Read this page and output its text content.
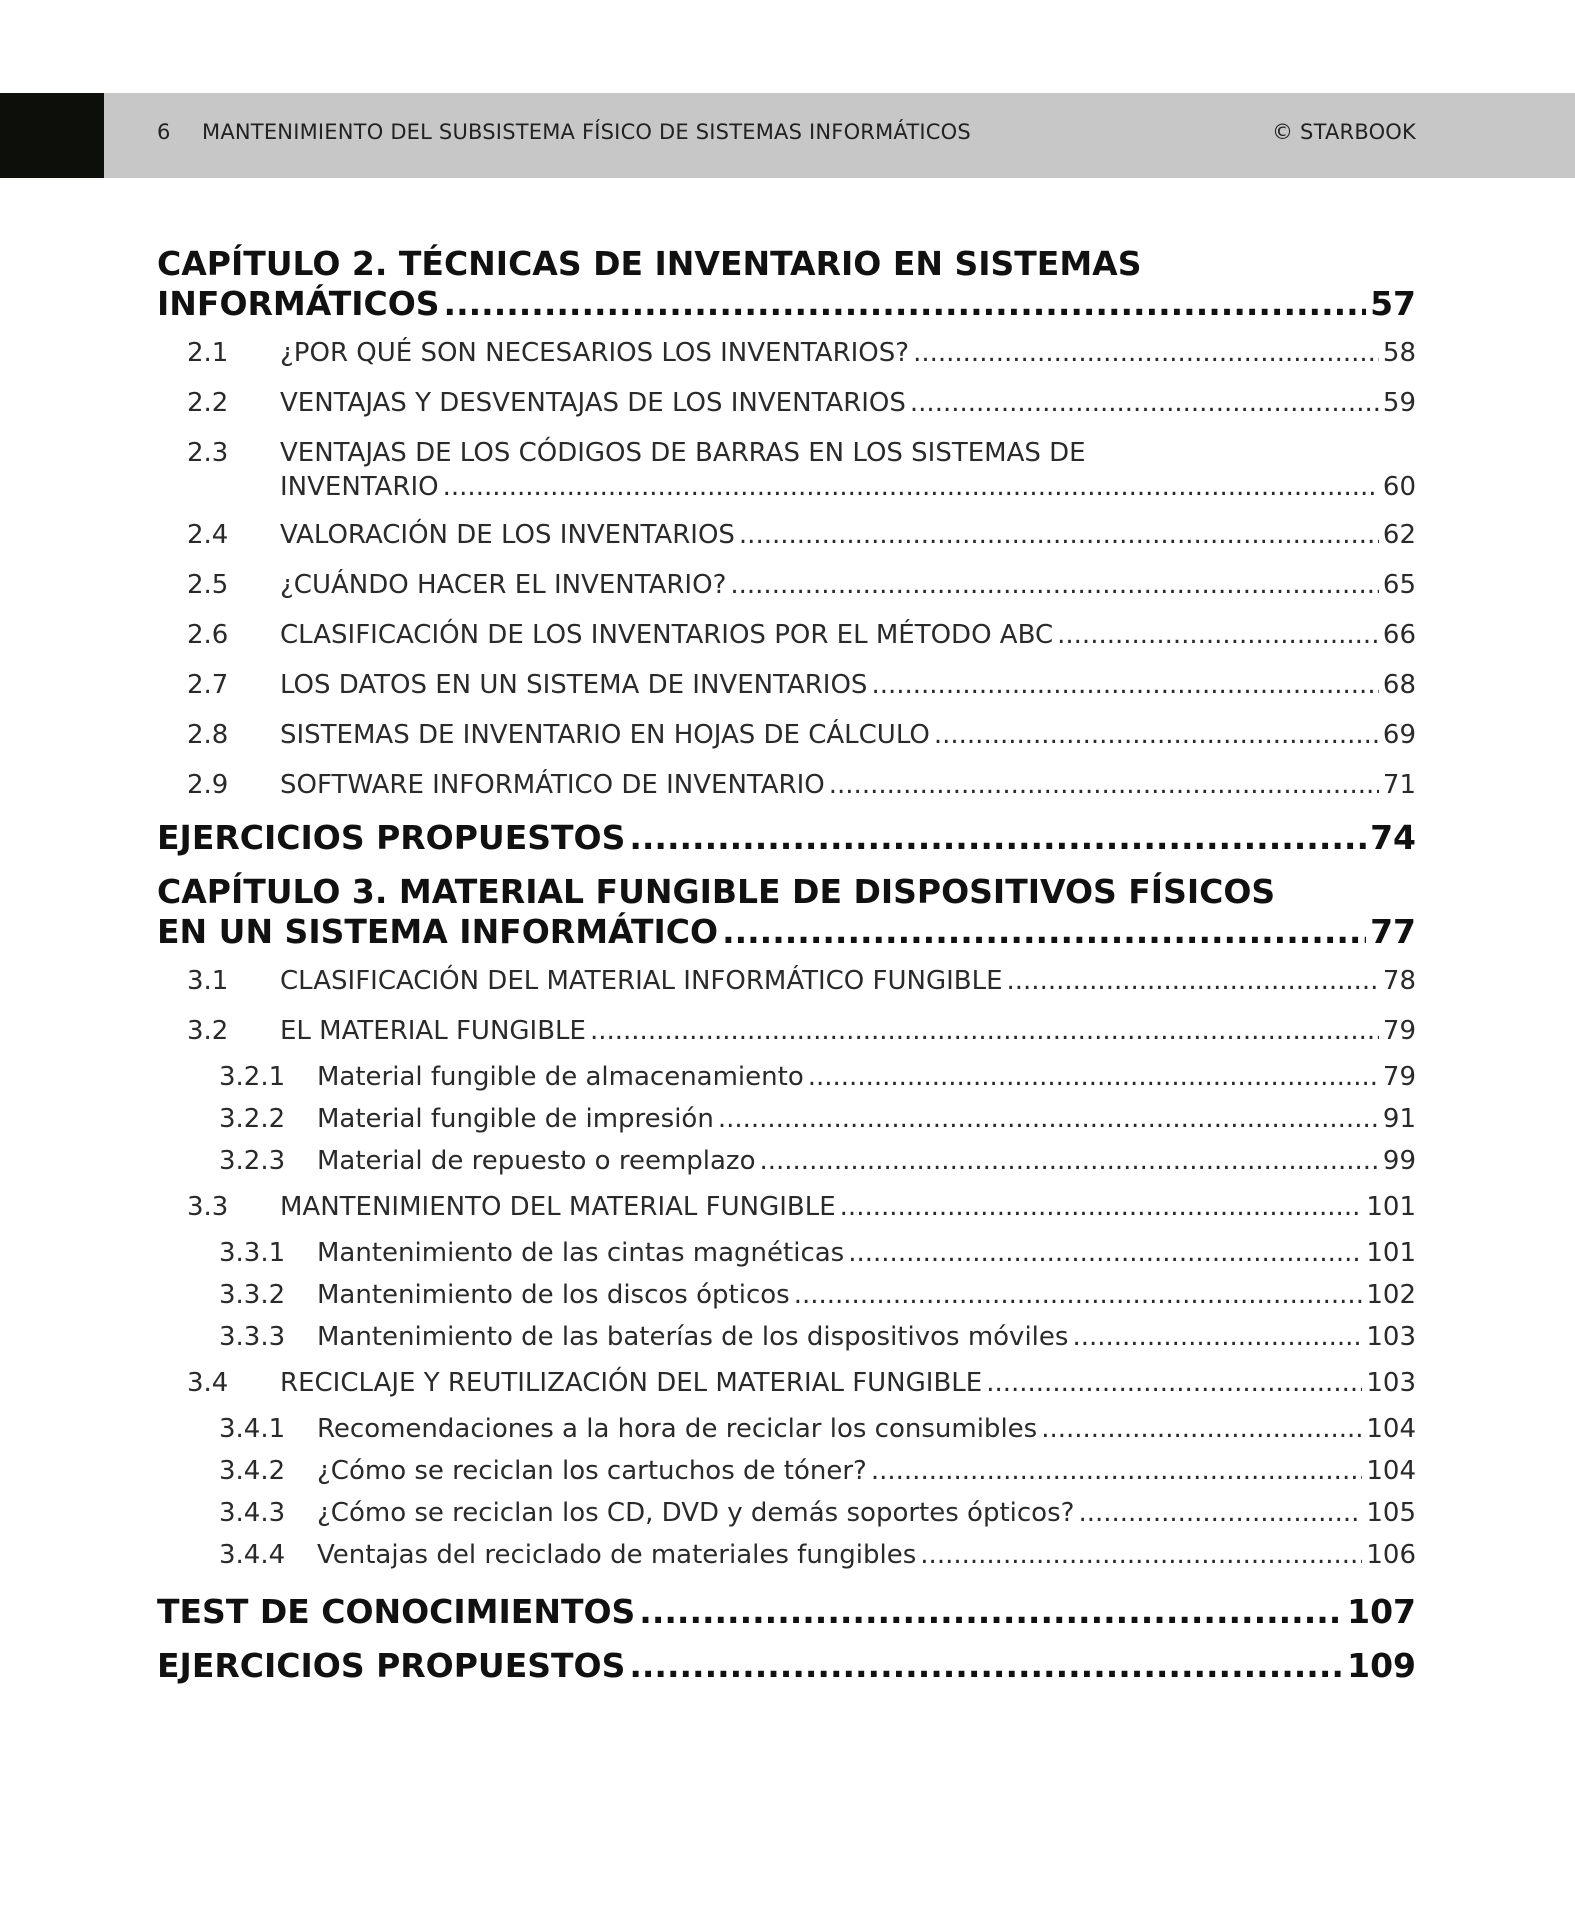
6 MANTENIMIENTO DEL SUBSISTEMA FÍSICO DE SISTEMAS INFORMÁTICOS	© STARBOOK
CAPÍTULO 2. TÉCNICAS DE INVENTARIO EN SISTEMAS
INFORMÁTICOS .....	57
2.1	¿POR QUÉ SON NECESARIOS LOS INVENTARIOS? .....	58
2.2	VENTAJAS Y DESVENTAJAS DE LOS INVENTARIOS .....	59
2.3	VENTAJAS DE LOS CÓDIGOS DE BARRAS EN LOS SISTEMAS DE
INVENTARIO .....	60
2.4	VALORACIÓN DE LOS INVENTARIOS .....	62
2.5	¿CUÁNDO HACER EL INVENTARIO? .....	65
2.6	CLASIFICACIÓN DE LOS INVENTARIOS POR EL MÉTODO ABC .....	66
2.7	LOS DATOS EN UN SISTEMA DE INVENTARIOS .....	68
2.8	SISTEMAS DE INVENTARIO EN HOJAS DE CÁLCULO .....	69
2.9	SOFTWARE INFORMÁTICO DE INVENTARIO .....	71
EJERCICIOS PROPUESTOS .....	74
CAPÍTULO 3. MATERIAL FUNGIBLE DE DISPOSITIVOS FÍSICOS
EN UN SISTEMA INFORMÁTICO .....	77
3.1	CLASIFICACIÓN DEL MATERIAL INFORMÁTICO FUNGIBLE .....	78
3.2	EL MATERIAL FUNGIBLE .....	79
3.2.1	Material fungible de almacenamiento .....	79
3.2.2	Material fungible de impresión .....	91
3.2.3	Material de repuesto o reemplazo .....	99
3.3	MANTENIMIENTO DEL MATERIAL FUNGIBLE .....	101
3.3.1	Mantenimiento de las cintas magnéticas .....	101
3.3.2	Mantenimiento de los discos ópticos .....	102
3.3.3	Mantenimiento de las baterías de los dispositivos móviles .....	103
3.4	RECICLAJE Y REUTILIZACIÓN DEL MATERIAL FUNGIBLE .....	103
3.4.1	Recomendaciones a la hora de reciclar los consumibles .....	104
3.4.2	¿Cómo se reciclan los cartuchos de tóner? .....	104
3.4.3	¿Cómo se reciclan los CD, DVD y demás soportes ópticos? .....	105
3.4.4	Ventajas del reciclado de materiales fungibles .....	106
TEST DE CONOCIMIENTOS .....	107
EJERCICIOS PROPUESTOS .....	109
